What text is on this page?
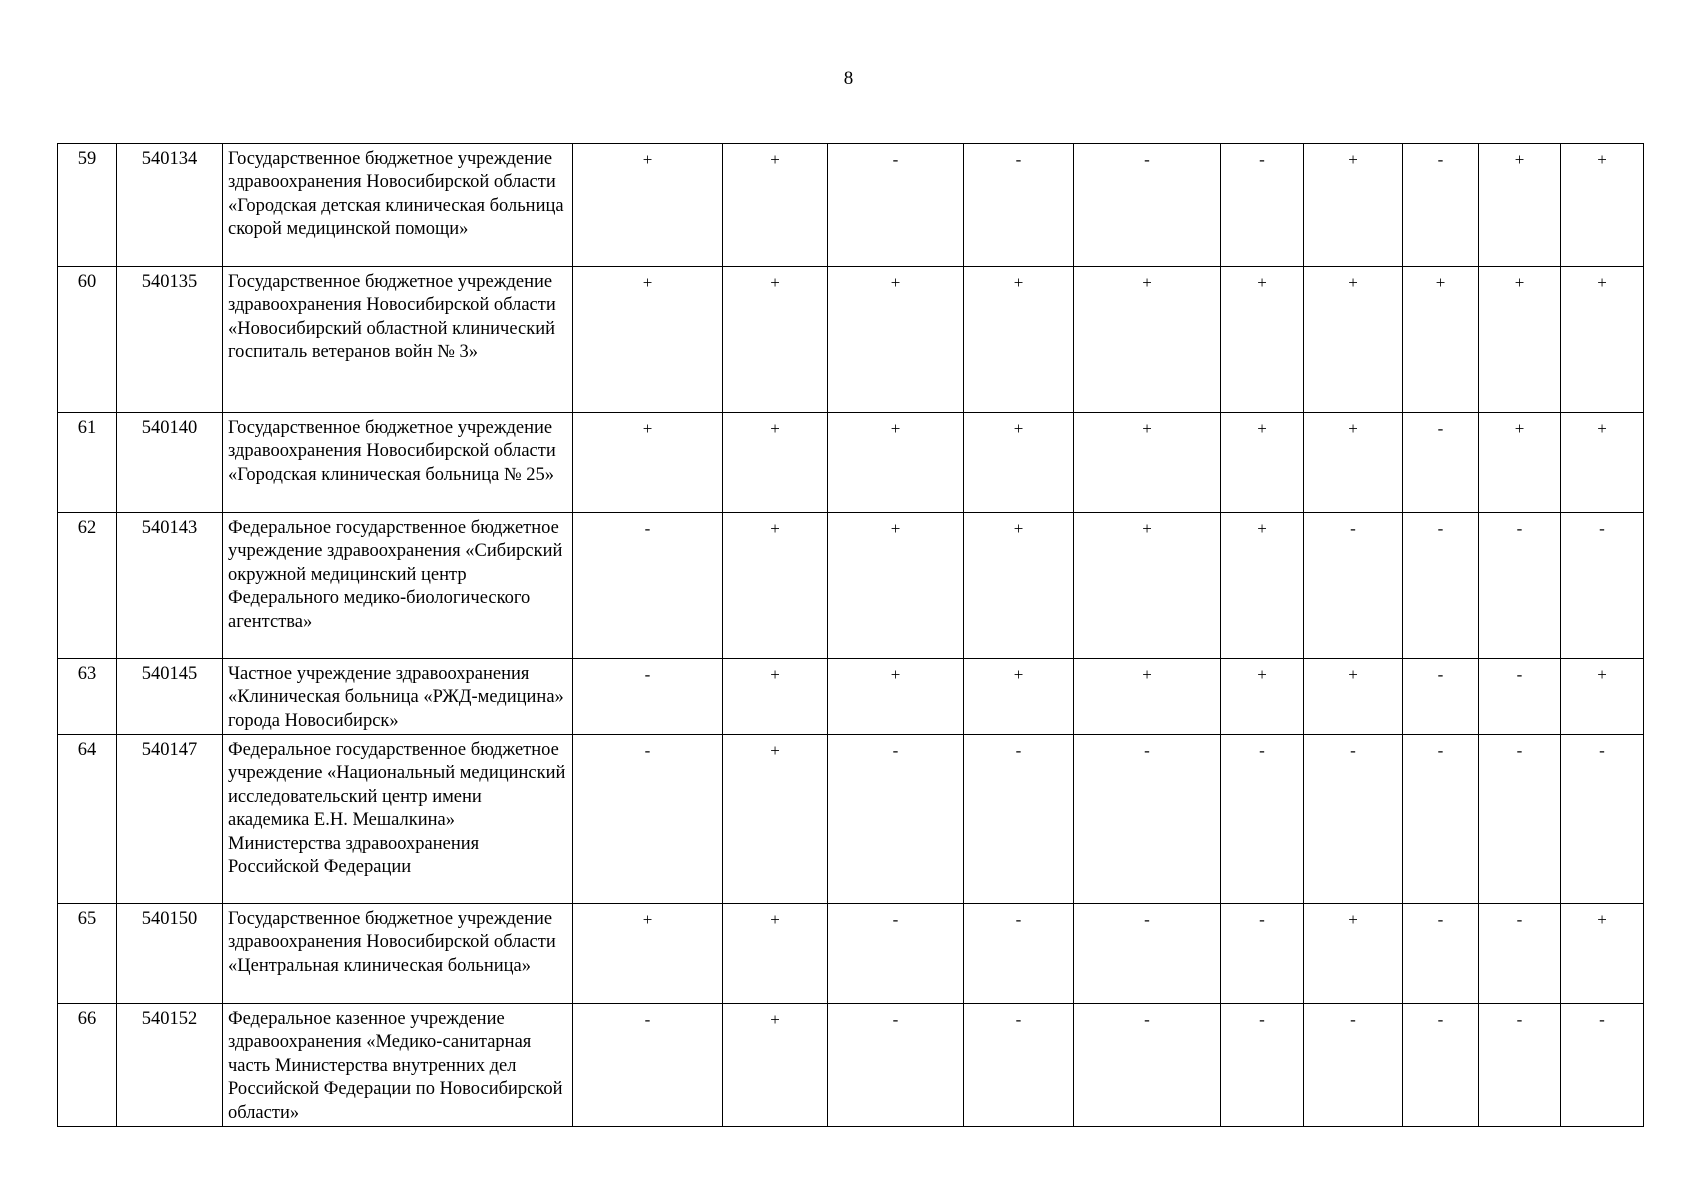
8
59	540134	Государственное бюджетное учреждение здравоохранения Новосибирской области «Городская детская клиническая больница скорой медицинской помощи»	+	+	-	-	-	-	+	-	+	+
60	540135	Государственное бюджетное учреждение здравоохранения Новосибирской области «Новосибирский областной клинический госпиталь ветеранов войн № 3»	+	+	+	+	+	+	+	+	+	+
61	540140	Государственное бюджетное учреждение здравоохранения Новосибирской области «Городская клиническая больница № 25»	+	+	+	+	+	+	+	-	+	+
62	540143	Федеральное государственное бюджетное учреждение здравоохранения «Сибирский окружной медицинский центр Федерального медико-биологического агентства»	-	+	+	+	+	+	-	-	-	-
63	540145	Частное учреждение здравоохранения «Клиническая больница «РЖД-медицина» города Новосибирск»	-	+	+	+	+	+	+	-	-	+
64	540147	Федеральное государственное бюджетное учреждение «Национальный медицинский исследовательский центр имени академика Е.Н. Мешалкина» Министерства здравоохранения Российской Федерации	-	+	-	-	-	-	-	-	-	-
65	540150	Государственное бюджетное учреждение здравоохранения Новосибирской области «Центральная клиническая больница»	+	+	-	-	-	-	+	-	-	+
66	540152	Федеральное казенное учреждение здравоохранения «Медико-санитарная часть Министерства внутренних дел Российской Федерации по Новосибирской области»	-	+	-	-	-	-	-	-	-	-
